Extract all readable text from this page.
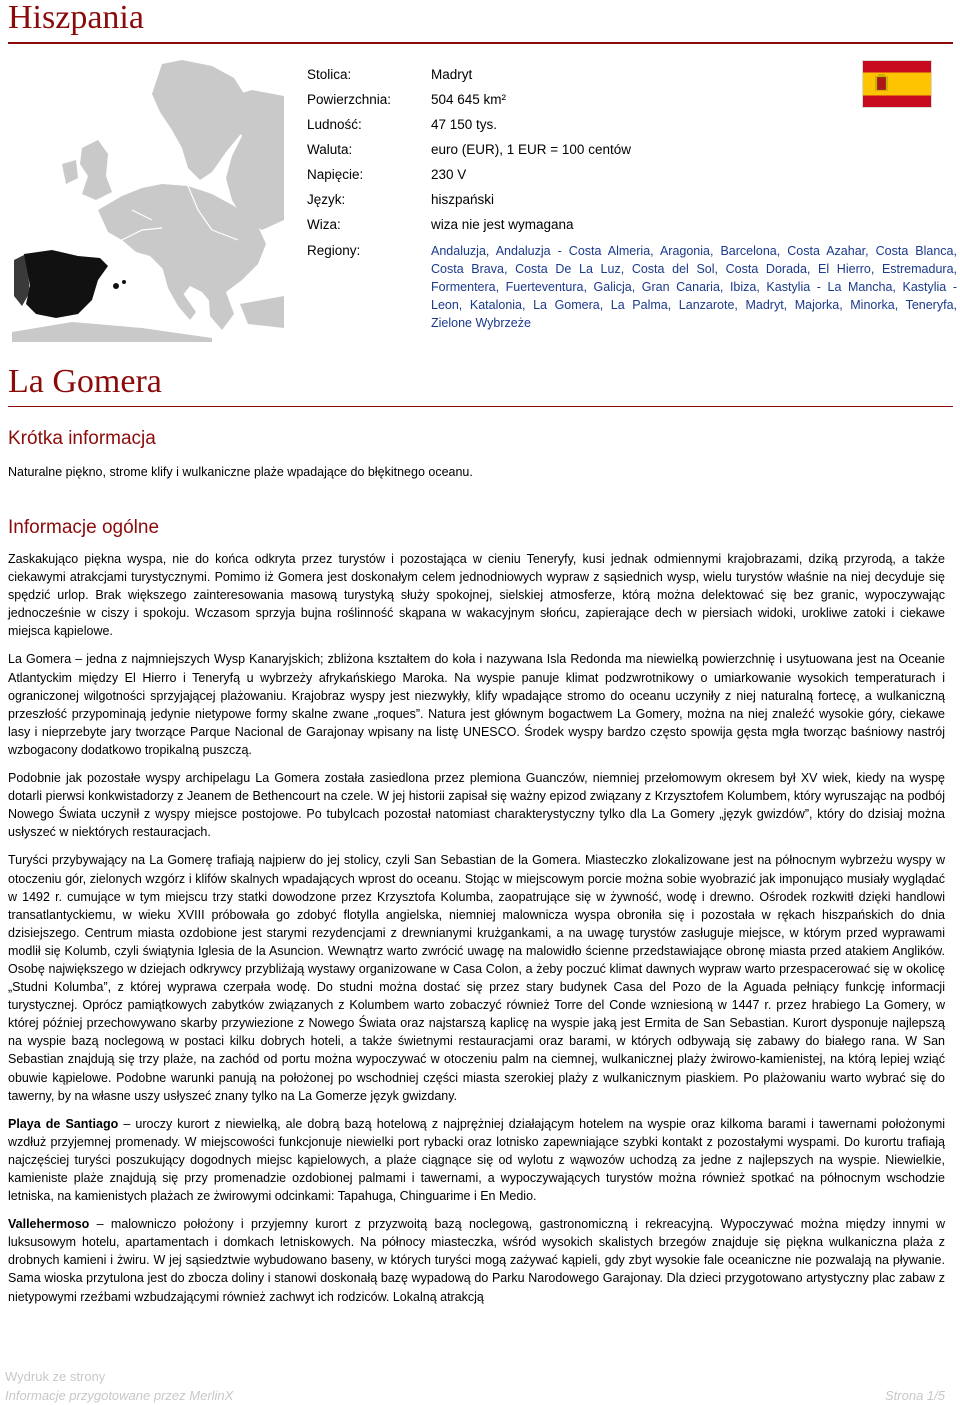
Hiszpania
Stolica:	Madryt
Powierzchnia:	504 645 km²
Ludność:	47 150 tys.
Waluta:	euro (EUR), 1 EUR = 100 centów
Napięcie:	230 V
Język:	hiszpański
Wiza:	wiza nie jest wymagana
Regiony:	Andaluzja, Andaluzja - Costa Almeria, Aragonia, Barcelona, Costa Azahar, Costa Blanca, Costa Brava, Costa De La Luz, Costa del Sol, Costa Dorada, El Hierro, Estremadura, Formentera, Fuerteventura, Galicja, Gran Canaria, Ibiza, Kastylia - La Mancha, Kastylia - Leon, Katalonia, La Gomera, La Palma, Lanzarote, Madryt, Majorka, Minorka, Teneryfa, Zielone Wybrzeże
La Gomera
Krótka informacja
Naturalne piękno, strome klify i wulkaniczne plaże wpadające do błękitnego oceanu.
Informacje ogólne

Zaskakująco piękna wyspa, nie do końca odkryta przez turystów i pozostająca w cieniu Teneryfy, kusi jednak odmiennymi krajobrazami, dziką przyrodą, a także ciekawymi atrakcjami turystycznymi. Pomimo iż Gomera jest doskonałym celem jednodniowych wypraw z sąsiednich wysp, wielu turystów właśnie na niej decyduje się spędzić urlop. Brak większego zainteresowania masową turystyką służy spokojnej, sielskiej atmosferze, którą można delektować się bez granic, wypoczywając jednocześnie w ciszy i spokoju. Wczasom sprzyja bujna roślinność skąpana w wakacyjnym słońcu, zapierające dech w piersiach widoki, urokliwe zatoki i ciekawe miejsca kąpielowe.

La Gomera – jedna z najmniejszych Wysp Kanaryjskich; zbliżona kształtem do koła i nazywana Isla Redonda ma niewielką powierzchnię i usytuowana jest na Oceanie Atlantyckim między El Hierro i Teneryfą u wybrzeży afrykańskiego Maroka. Na wyspie panuje klimat podzwrotnikowy o umiarkowanie wysokich temperaturach i ograniczonej wilgotności sprzyjającej plażowaniu. Krajobraz wyspy jest niezwykły, klify wpadające stromo do oceanu uczyniły z niej naturalną fortecę, a wulkaniczną przeszłość przypominają jedynie nietypowe formy skalne zwane „roques”. Natura jest głównym bogactwem La Gomery, można na niej znaleźć wysokie góry, ciekawe lasy i nieprzebyte jary tworzące Parque Nacional de Garajonay wpisany na listę UNESCO. Środek wyspy bardzo często spowija gęsta mgła tworząc baśniowy nastrój wzbogacony dodatkowo tropikalną puszczą.

Podobnie jak pozostałe wyspy archipelagu La Gomera została zasiedlona przez plemiona Guanczów, niemniej przełomowym okresem był XV wiek, kiedy na wyspę dotarli pierwsi konkwistadorzy z Jeanem de Bethencourt na czele. W jej historii zapisał się ważny epizod związany z Krzysztofem Kolumbem, który wyruszając na podbój Nowego Świata uczynił z wyspy miejsce postojowe. Po tubylcach pozostał natomiast charakterystyczny tylko dla La Gomery „język gwizdów”, który do dzisiaj można usłyszeć w niektórych restauracjach.

Turyści przybywający na La Gomerę trafiają najpierw do jej stolicy, czyli San Sebastian de la Gomera. Miasteczko zlokalizowane jest na północnym wybrzeżu wyspy w otoczeniu gór, zielonych wzgórz i klifów skalnych wpadających wprost do oceanu. Stojąc w miejscowym porcie można sobie wyobrazić jak imponująco musiały wyglądać w 1492 r. cumujące w tym miejscu trzy statki dowodzone przez Krzysztofa Kolumba, zaopatrujące się w żywność, wodę i drewno. Ośrodek rozkwitł dzięki handlowi transatlantyckiemu, w wieku XVIII próbowała go zdobyć flotylla angielska, niemniej malownicza wyspa obroniła się i pozostała w rękach hiszpańskich do dnia dzisiejszego. Centrum miasta ozdobione jest starymi rezydencjami z drewnianymi krużgankami, a na uwagę turystów zasługuje miejsce, w którym przed wyprawami modlił się Kolumb, czyli świątynia Iglesia de la Asuncion. Wewnątrz warto zwrócić uwagę na malowidło ścienne przedstawiające obronę miasta przed atakiem Anglików. Osobę największego w dziejach odkrywcy przybliżają wystawy organizowane w Casa Colon, a żeby poczuć klimat dawnych wypraw warto przespacerować się w okolicę „Studni Kolumba”, z której wyprawa czerpała wodę. Do studni można dostać się przez stary budynek Casa del Pozo de la Aguada pełniący funkcję informacji turystycznej. Oprócz pamiątkowych zabytków związanych z Kolumbem warto zobaczyć również Torre del Conde wzniesioną w 1447 r. przez hrabiego La Gomery, w której później przechowywano skarby przywiezione z Nowego Świata oraz najstarszą kaplicę na wyspie jaką jest Ermita de San Sebastian. Kurort dysponuje najlepszą na wyspie bazą noclegową w postaci kilku dobrych hoteli, a także świetnymi restauracjami oraz barami, w których odbywają się zabawy do białego rana. W San Sebastian znajdują się trzy plaże, na zachód od portu można wypoczywać w otoczeniu palm na ciemnej, wulkanicznej plaży żwirowo-kamienistej, na którą lepiej wziąć obuwie kąpielowe. Podobne warunki panują na położonej po wschodniej części miasta szerokiej plaży z wulkanicznym piaskiem. Po plażowaniu warto wybrać się do tawerny, by na własne uszy usłyszeć znany tylko na La Gomerze język gwizdany.

Playa de Santiago – uroczy kurort z niewielką, ale dobrą bazą hotelową z najprężniej działającym hotelem na wyspie oraz kilkoma barami i tawernami położonymi wzdłuż przyjemnej promenady. W miejscowości funkcjonuje niewielki port rybacki oraz lotnisko zapewniające szybki kontakt z pozostałymi wyspami. Do kurortu trafiają najczęściej turyści poszukujący dogodnych miejsc kąpielowych, a plaże ciągnące się od wylotu z wąwozów uchodzą za jedne z najlepszych na wyspie. Niewielkie, kamieniste plaże znajdują się przy promenadzie ozdobionej palmami i tawernami, a wypoczywających turystów można również spotkać na północnym wschodzie letniska, na kamienistych plażach ze żwirowymi odcinkami: Tapahuga, Chinguarime i En Medio.

Vallehermoso – malowniczo położony i przyjemny kurort z przyzwoitą bazą noclegową, gastronomiczną i rekreacyjną. Wypoczywać można między innymi w luksusowym hotelu, apartamentach i domkach letniskowych. Na północy miasteczka, wśród wysokich skalistych brzegów znajduje się piękna wulkaniczna plaża z drobnych kamieni i żwiru. W jej sąsiedztwie wybudowano baseny, w których turyści mogą zażywać kąpieli, gdy zbyt wysokie fale oceaniczne nie pozwalają na pływanie. Sama wioska przytulona jest do zbocza doliny i stanowi doskonałą bazę wypadową do Parku Narodowego Garajonay. Dla dzieci przygotowano artystyczny plac zabaw z nietypowymi rzeźbami wzbudzającymi również zachwyt ich rodziców. Lokalną atrakcją

Wydruk ze strony
Informacje przygotowane przez MerlinX	Strona 1/5
